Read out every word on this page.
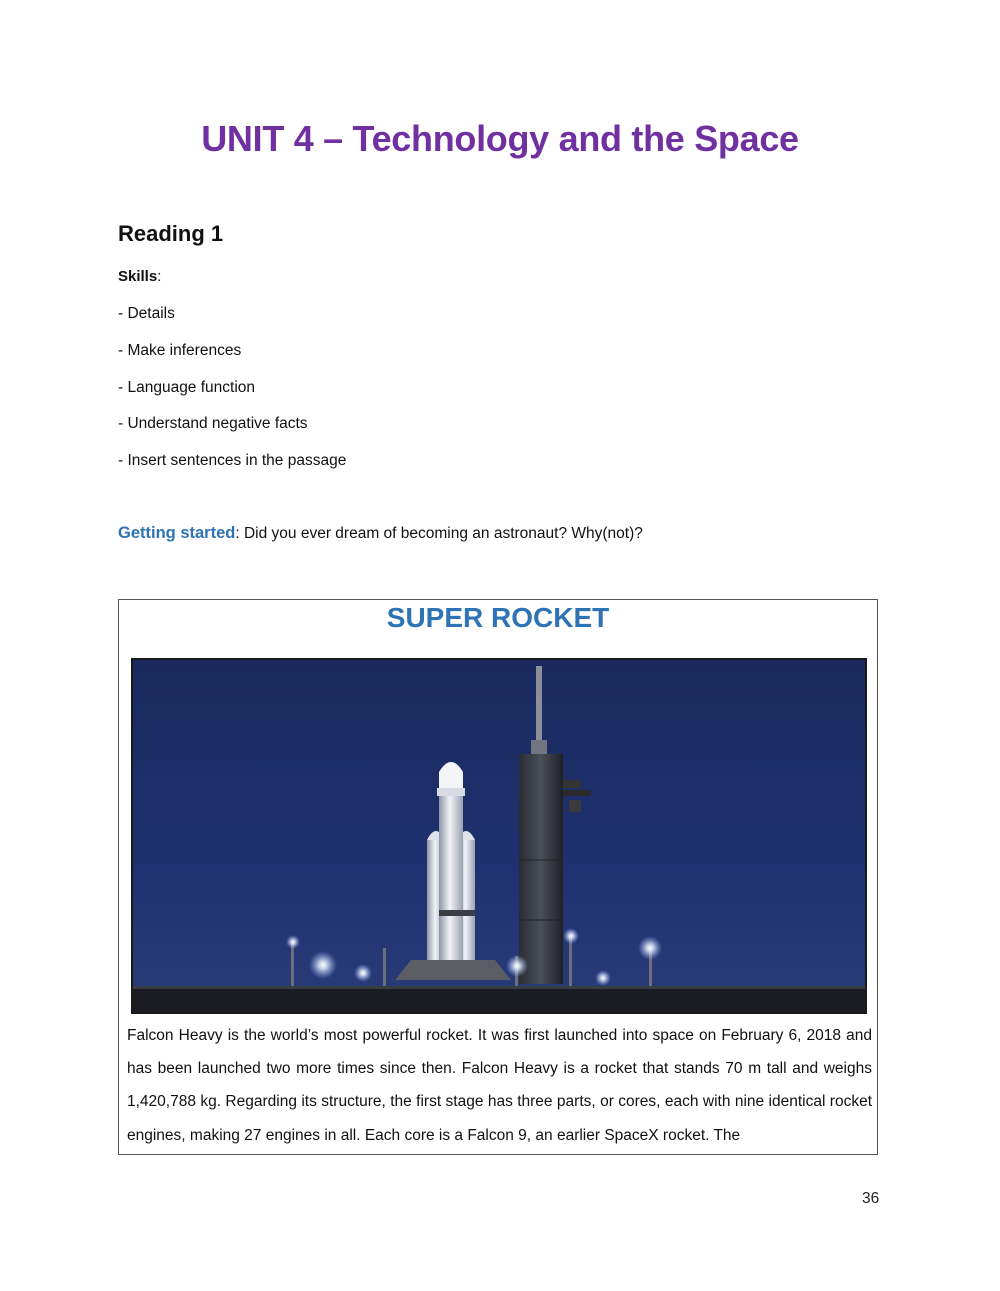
UNIT 4 – Technology and the Space
Reading 1
Skills:
- Details
- Make inferences
- Language function
- Understand negative facts
- Insert sentences in the passage
Getting started: Did you ever dream of becoming an astronaut? Why(not)?
SUPER ROCKET
Falcon Heavy is the world’s most powerful rocket. It was first launched into space on February 6, 2018 and has been launched two more times since then. Falcon Heavy is a rocket that stands 70 m tall and weighs 1,420,788 kg. Regarding its structure, the first stage has three parts, or cores, each with nine identical rocket engines, making 27 engines in all. Each core is a Falcon 9, an earlier SpaceX rocket. The
36
